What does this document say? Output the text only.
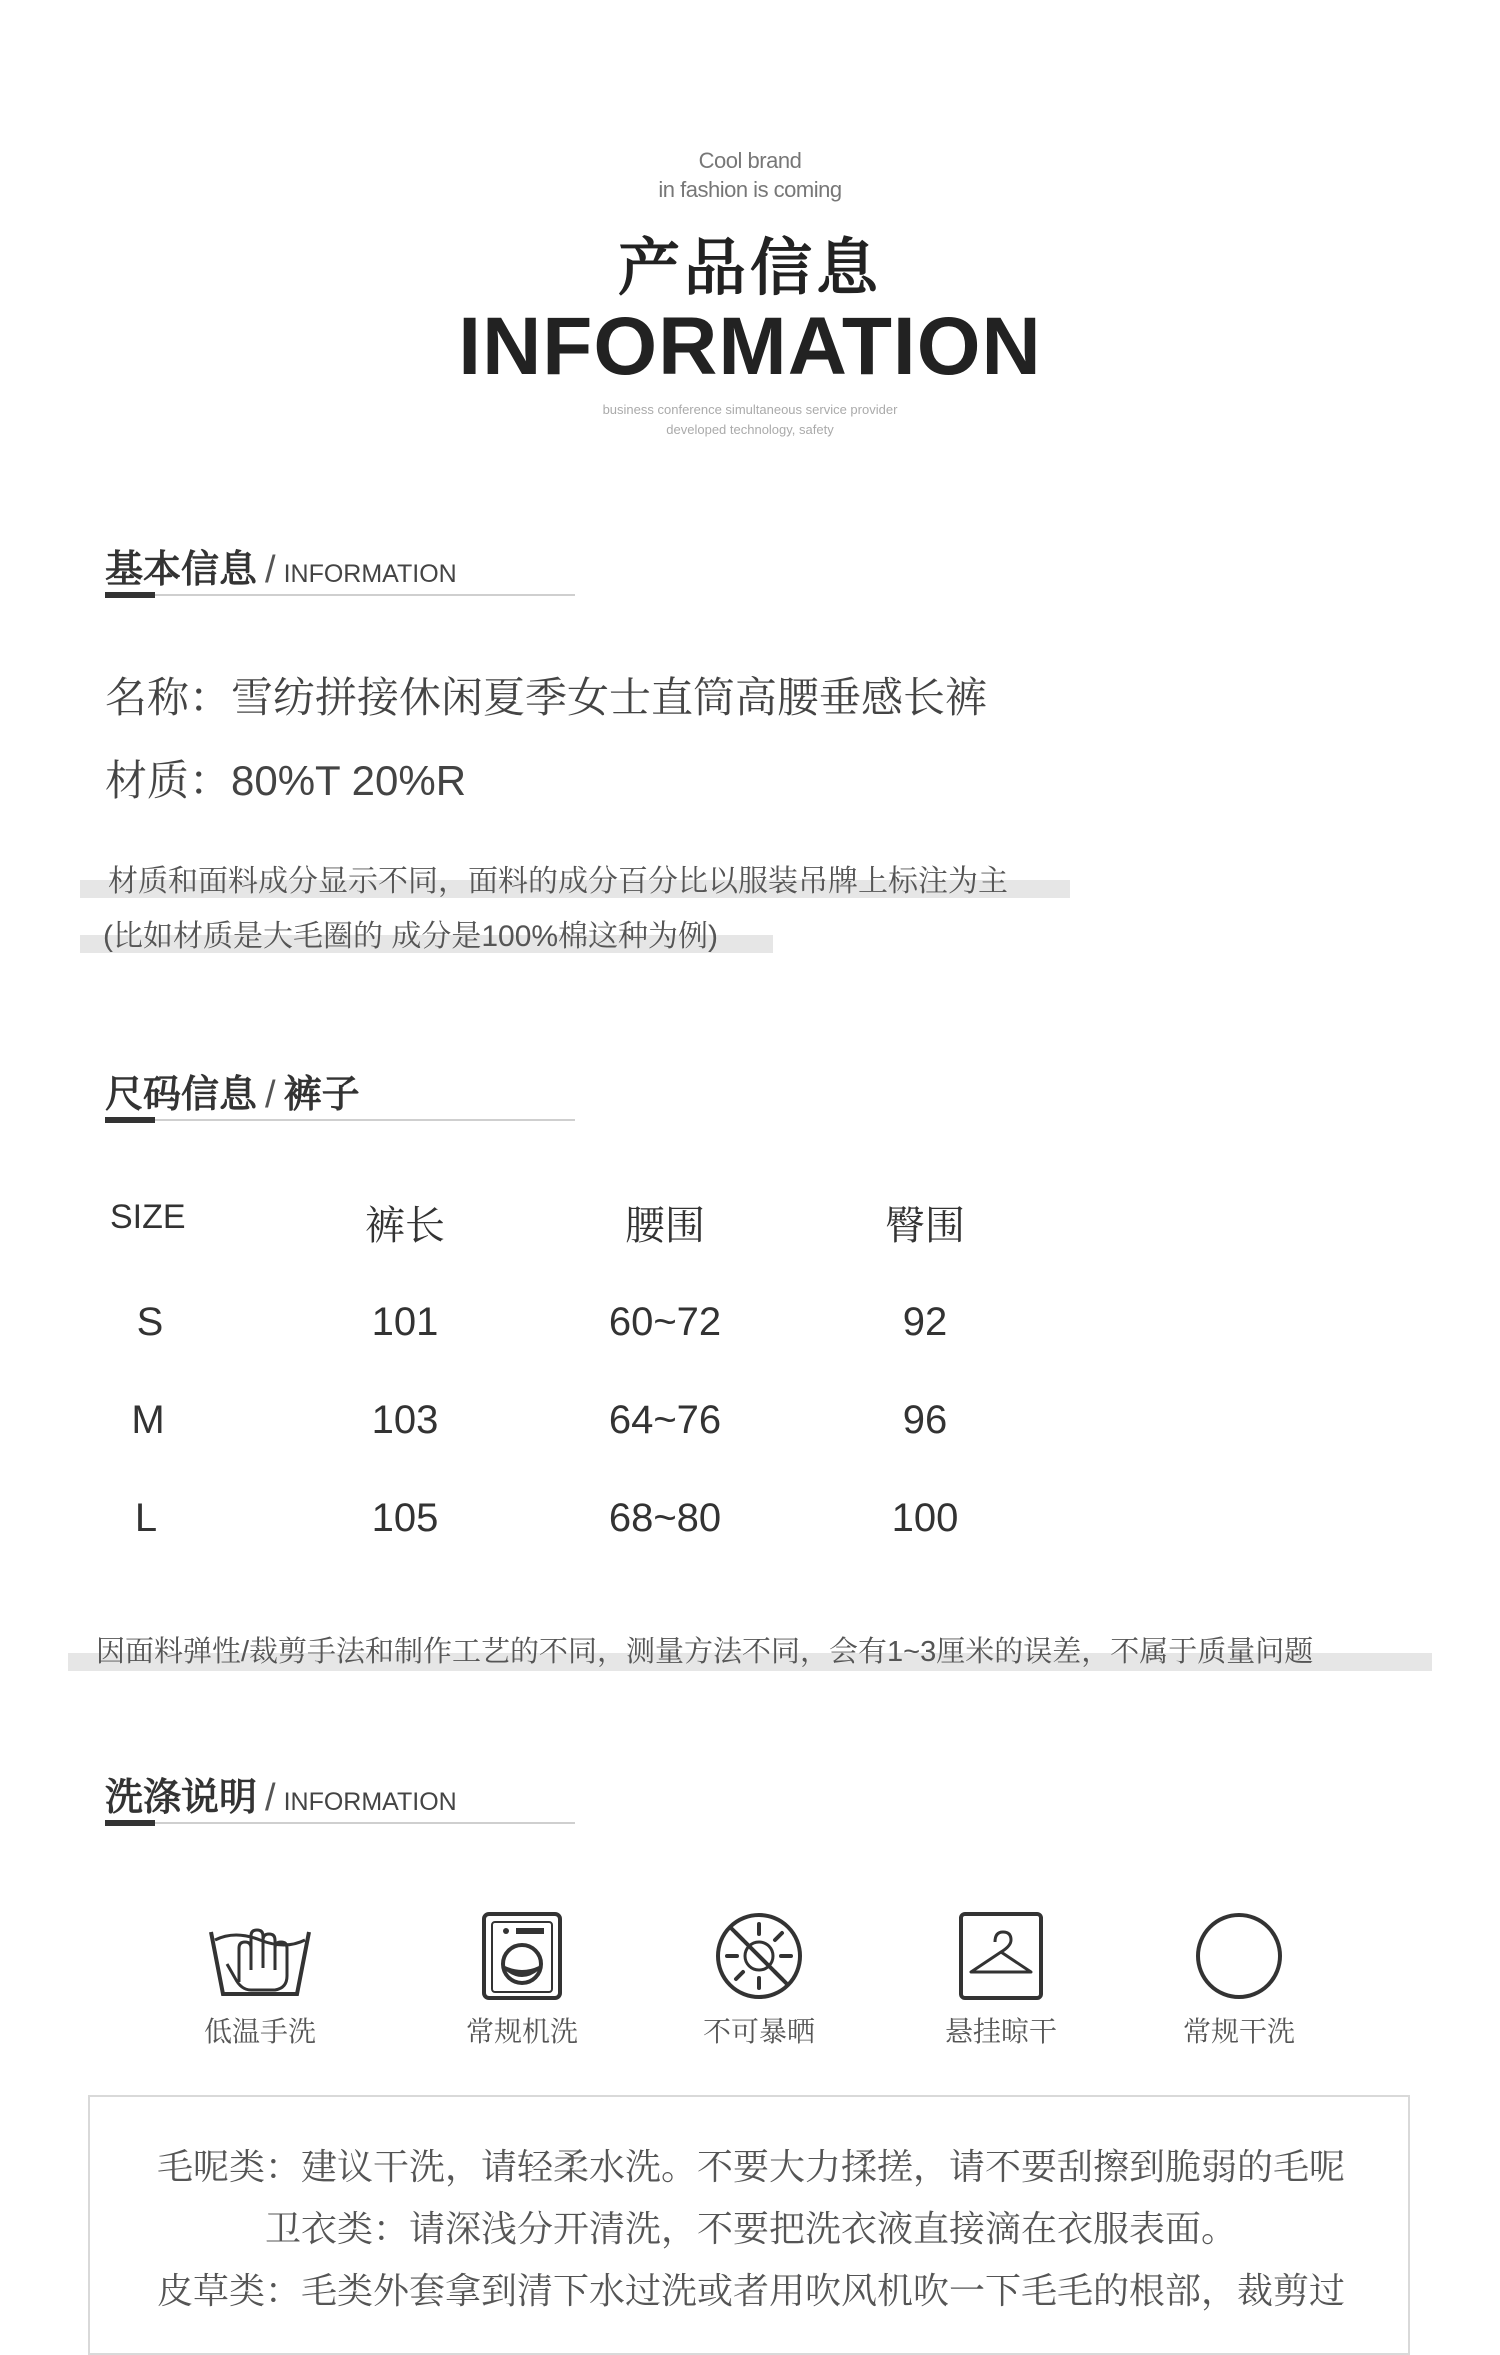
Cool brand
in fashion is coming
产品信息
INFORMATION
business conference simultaneous service provider
developed technology, safety
基本信息 / INFORMATION
名称：雪纺拼接休闲夏季女士直筒高腰垂感长裤
材质：80%T 20%R
材质和面料成分显示不同，面料的成分百分比以服装吊牌上标注为主
(比如材质是大毛圈的 成分是100%棉这种为例)
尺码信息 / 裤子
SIZE	裤长	腰围	臀围
S	101	60~72	92
M	103	64~76	96
L	105	68~80	100
因面料弹性/裁剪手法和制作工艺的不同，测量方法不同，会有1~3厘米的误差，不属于质量问题
洗涤说明 / INFORMATION
低温手洗	常规机洗	不可暴晒	悬挂晾干	常规干洗
毛呢类：建议干洗，请轻柔水洗。不要大力揉搓，请不要刮擦到脆弱的毛呢
卫衣类：请深浅分开清洗，不要把洗衣液直接滴在衣服表面。
皮草类：毛类外套拿到清下水过洗或者用吹风机吹一下毛毛的根部，裁剪过
